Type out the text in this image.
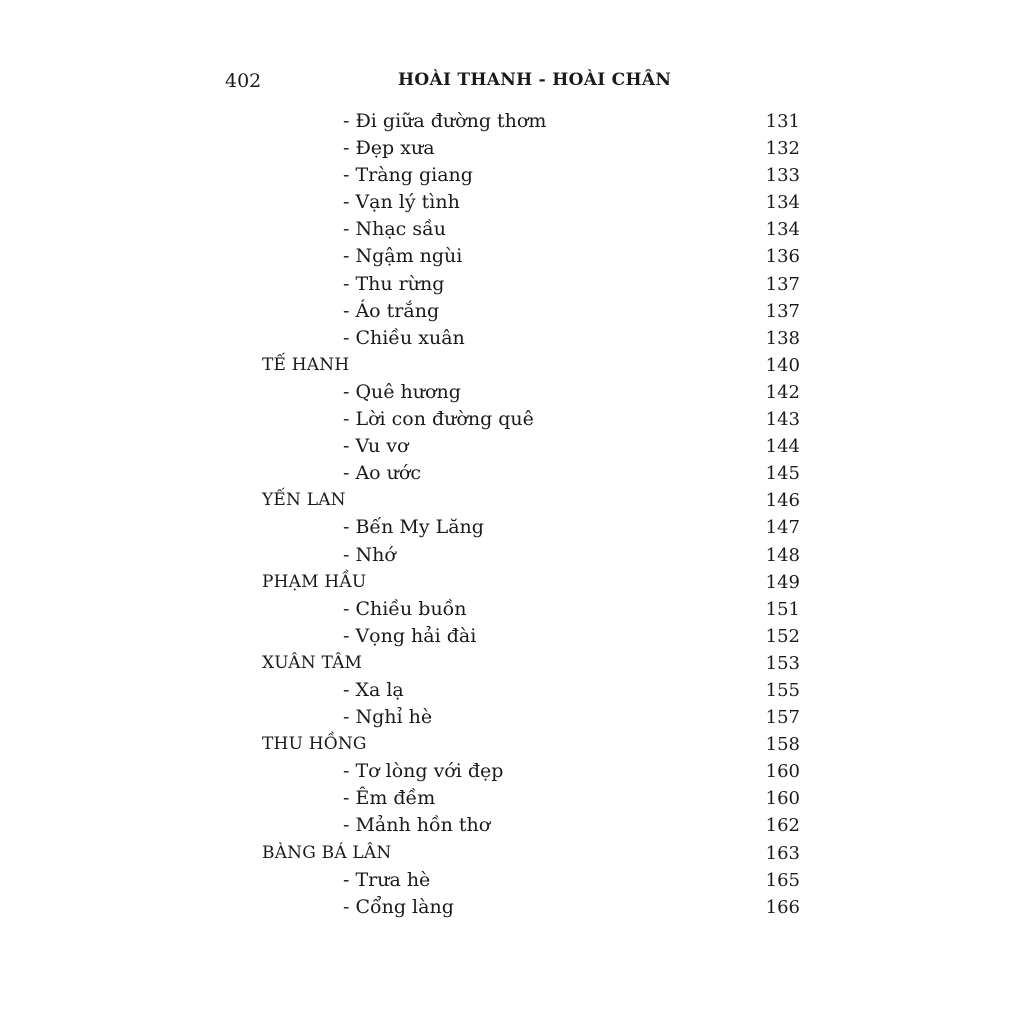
402	HOÀI THANH - HOÀI CHÂN
- Đi giữa đường thơm	131
- Đẹp xưa	132
- Tràng giang	133
- Vạn lý tình	134
- Nhạc sầu	134
- Ngậm ngùi	136
- Thu rừng	137
- Áo trắng	137
- Chiều xuân	138
TẾ HANH	140
- Quê hương	142
- Lời con đường quê	143
- Vu vơ	144
- Ao ước	145
YẾN LAN	146
- Bến My Lăng	147
- Nhớ	148
PHẠM HẦU	149
- Chiều buồn	151
- Vọng hải đài	152
XUÂN TÂM	153
- Xa lạ	155
- Nghỉ hè	157
THU HỒNG	158
- Tơ lòng với đẹp	160
- Êm đềm	160
- Mảnh hồn thơ	162
BÀNG BÁ LÂN	163
- Trưa hè	165
- Cổng làng	166
